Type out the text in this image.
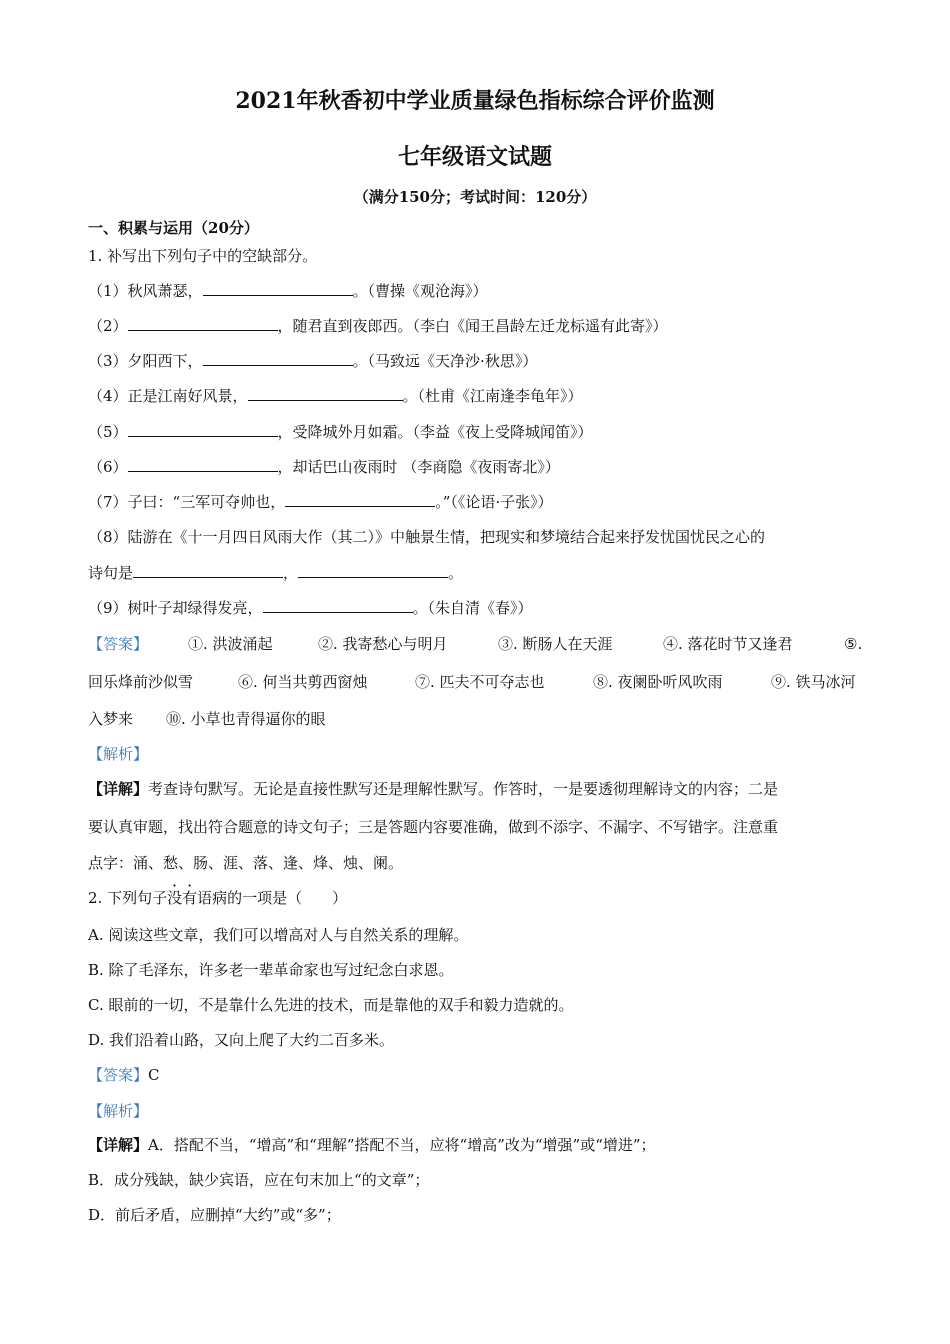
2021年秋香初中学业质量绿色指标综合评价监测
七年级语文试题
（满分150分；考试时间：120分）
一、积累与运用（20分）
1. 补写出下列句子中的空缺部分。
（1）秋风萧瑟，	。（曹操《观沧海》）
（2）	，随君直到夜郎西。（李白《闻王昌龄左迁龙标遥有此寄》）
（3）夕阳西下，	。（马致远《天净沙·秋思》）
（4）正是江南好风景，	。（杜甫《江南逢李龟年》）
（5）	，受降城外月如霜。（李益《夜上受降城闻笛》）
（6）	，却话巴山夜雨时 （李商隐《夜雨寄北》）
（7）子曰：“三军可夺帅也，	。”（《论语·子张》）
（8）陆游在《十一月四日风雨大作（其二）》中触景生情，把现实和梦境结合起来抒发忧国忧民之心的
诗句是	，	。
（9）树叶子却绿得发亮，	。（朱自清《春》）
【答案】	①. 洪波涌起	②. 我寄愁心与明月	③. 断肠人在天涯	④. 落花时节又逢君	⑤.
回乐烽前沙似雪	⑥. 何当共剪西窗烛	⑦. 匹夫不可夺志也	⑧. 夜阑卧听风吹雨	⑨. 铁马冰河
入梦来 ⑩. 小草也青得逼你的眼
【解析】
【详解】考查诗句默写。无论是直接性默写还是理解性默写。作答时，一是要透彻理解诗文的内容；二是
要认真审题，找出符合题意的诗文句子；三是答题内容要准确，做到不添字、不漏字、不写错字。注意重
点字：涌、愁、肠、涯、落、逢、烽、烛、阑。
2. 下列句子没有语病的一项是（　　）
A. 阅读这些文章，我们可以增高对人与自然关系的理解。
B. 除了毛泽东，许多老一辈革命家也写过纪念白求恩。
C. 眼前的一切，不是靠什么先进的技术，而是靠他的双手和毅力造就的。
D. 我们沿着山路，又向上爬了大约二百多米。
【答案】C
【解析】
【详解】A．搭配不当，“增高”和“理解”搭配不当，应将“增高”改为“增强”或“增进”；
B．成分残缺，缺少宾语，应在句末加上“的文章”；
D．前后矛盾，应删掉“大约”或“多”；
